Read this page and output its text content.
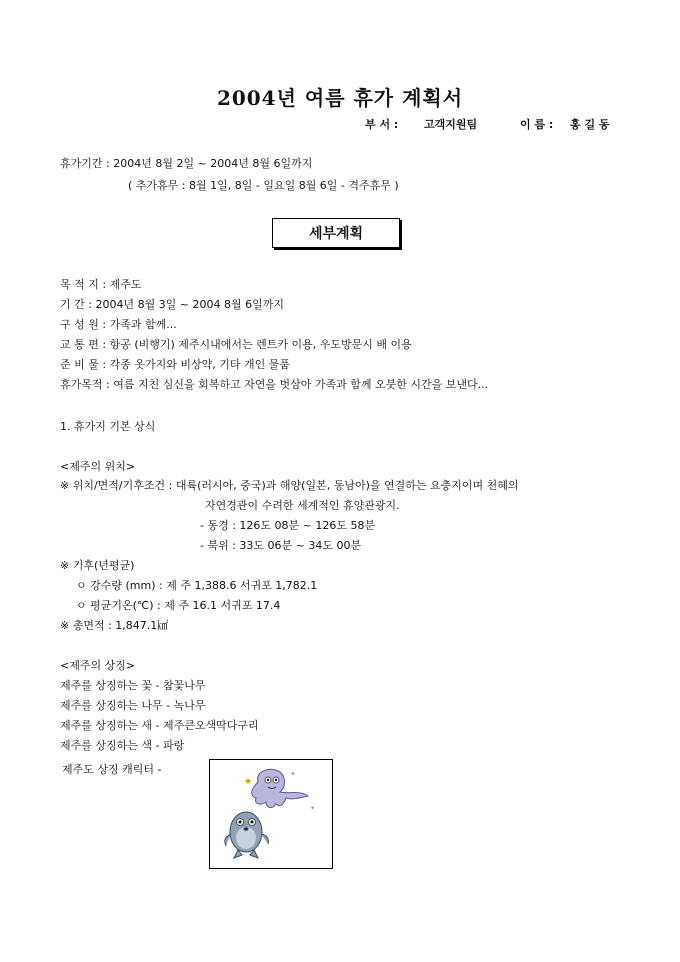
2004년 여름 휴가 계획서
부 서 : 고객지원팀	이 름 : 홍 길 동
휴가기간 : 2004년 8월 2일 ~ 2004년 8월 6일까지
( 추가휴무 : 8월 1일, 8일 - 일요일 8월 6일 - 격주휴무 )
세부계획
목 적 지 : 제주도
기 간 : 2004년 8월 3일 ~ 2004 8월 6일까지
구 성 원 : 가족과 함께...
교 통 편 : 항공 (비행기) 제주시내에서는 렌트카 이용, 우도방문시 배 이용
준 비 물 : 각종 옷가지와 비상약, 기타 개인 물품
휴가목적 : 여름 지친 심신을 회복하고 자연을 벗삼아 가족과 함께 오붓한 시간을 보낸다...
1. 휴가지 기본 상식
<제주의 위치>
※ 위치/면적/기후조건 : 대륙(러시아, 중국)과 해양(일본, 동남아)을 연결하는 요충지이며 천혜의
자연경관이 수려한 세계적인 휴양관광지.
- 동경 : 126도 08분 ~ 126도 58분
- 북위 : 33도 06분 ~ 34도 00분
※ 기후(년평균)
ㅇ 강수량 (mm) : 제 주 1,388.6 서귀포 1,782.1
ㅇ 평균기온(℃) : 제 주 16.1 서귀포 17.4
※ 총면적 : 1,847.1㎢
<제주의 상징>
제주를 상징하는 꽃 - 참꽃나무
제주를 상징하는 나무 - 녹나무
제주를 상징하는 새 - 제주큰오색딱다구리
제주를 상징하는 색 - 파랑
제주도 상징 캐릭터 -
★
✦
✦
